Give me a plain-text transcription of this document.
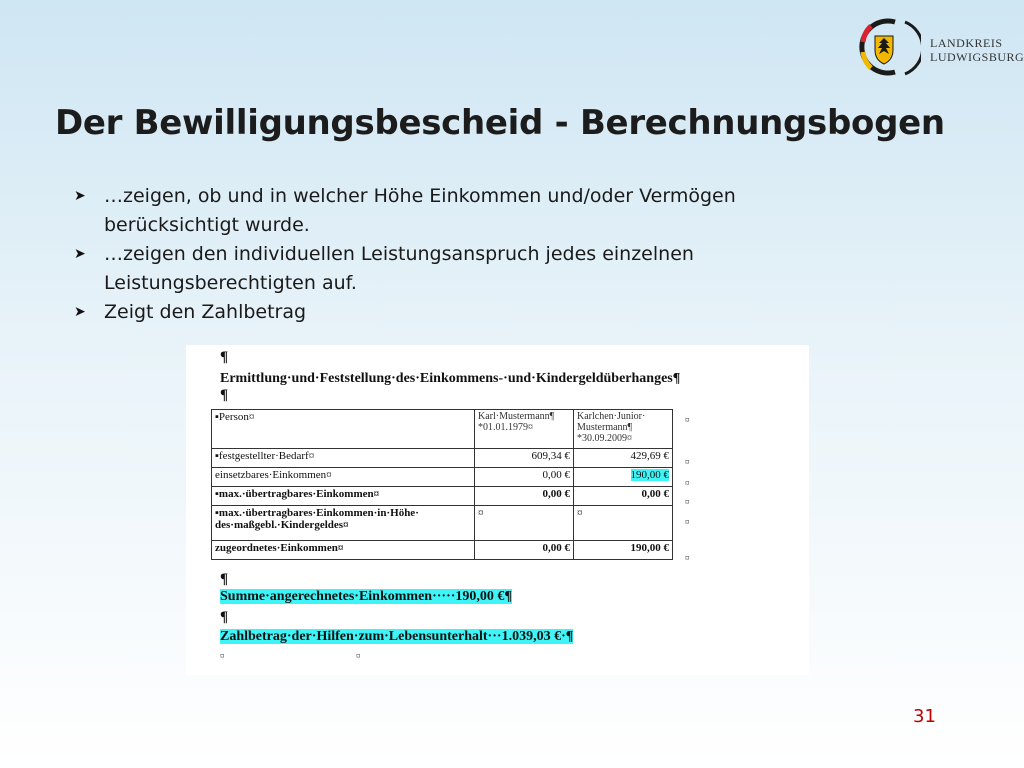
LANDKREIS
LUDWIGSBURG
Der Bewilligungsbescheid - Berechnungsbogen
➤ …zeigen, ob und in welcher Höhe Einkommen und/oder Vermögen berücksichtigt wurde.
➤ …zeigen den individuellen Leistungsanspruch jedes einzelnen Leistungsberechtigten auf.
➤ Zeigt den Zahlbetrag
¶
Ermittlung·und·Feststellung·des·Einkommens-·und·Kindergeldüberhanges¶
¶
▪Person¤	Karl·Mustermann¶ *01.01.1979¤	Karlchen·Junior· Mustermann¶ *30.09.2009¤
▪festgestellter·Bedarf¤	609,34 €	429,69 €
einsetzbares·Einkommen¤	0,00 €	190,00 €
▪max.·übertragbares·Einkommen¤	0,00 €	0,00 €
▪max.·übertragbares·Einkommen·in·Höhe· des·maßgebl.·Kindergeldes¤	¤	¤
zugeordnetes·Einkommen¤	0,00 €	190,00 €
¤
¤
¤
¤
¤
¤
¶
Summe·angerechnetes·Einkommen·····190,00 €¶
¶
Zahlbetrag·der·Hilfen·zum·Lebensunterhalt···1.039,03 €·¶
¤	¤
31
